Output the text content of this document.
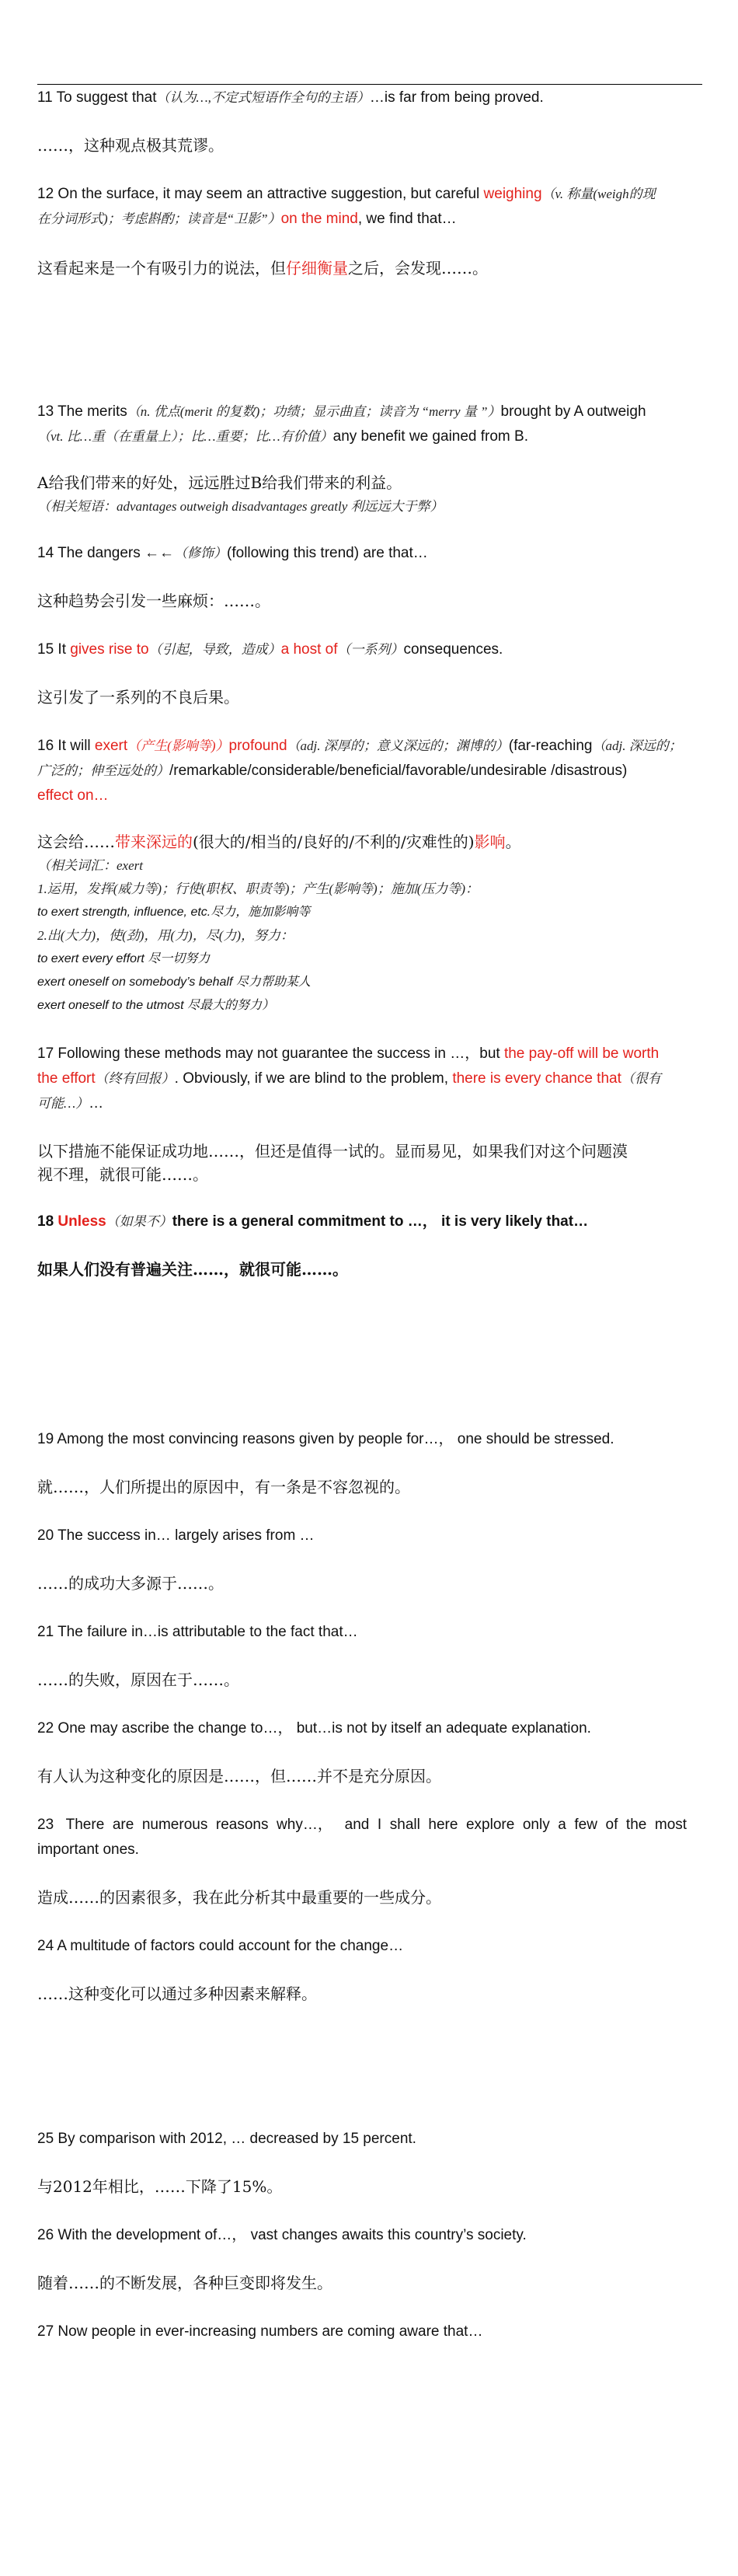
11 To suggest that（认为…,不定式短语作全句的主语）…is far from being proved.
……，这种观点极其荒谬。
12 On the surface, it may seem an attractive suggestion, but careful weighing（v. 称量(weigh的现
在分词形式)；考虑斟酌；读音是“卫影”）on the mind, we find that…
这看起来是一个有吸引力的说法，但仔细衡量之后，会发现……。
13 The merits（n. 优点(merit 的复数)；功绩；显示曲直；读音为 “merry 量 ”）brought by A outweigh
（vt. 比…重（在重量上）；比…重要；比…有价值）any benefit we gained from B.
A给我们带来的好处，远远胜过B给我们带来的利益。
（相关短语：advantages outweigh disadvantages greatly 利远远大于弊）
14 The dangers ←←（修饰）(following this trend) are that…
这种趋势会引发一些麻烦：……。
15 It gives rise to（引起，导致，造成）a host of（一系列）consequences.
这引发了一系列的不良后果。
16 It will exert（产生(影响等)）profound（adj. 深厚的；意义深远的；渊博的）(far-reaching（adj. 深远的；
广泛的；伸至远处的）/remarkable/considerable/beneficial/favorable/undesirable /disastrous)
effect on…
这会给……带来深远的(很大的/相当的/良好的/不利的/灾难性的)影响。
（相关词汇：exert
1.运用，发挥(威力等)；行使(职权、职责等)；产生(影响等)；施加(压力等)：
to exert strength, influence, etc.尽力，施加影响等
2.出(大力)，使(劲)，用(力)，尽(力)，努力：
to exert every effort 尽一切努力
exert oneself on somebody’s behalf 尽力帮助某人
exert oneself to the utmost 尽最大的努力）
17 Following these methods may not guarantee the success in …，but the pay-off will be worth
the effort（终有回报）. Obviously, if we are blind to the problem, there is every chance that（很有
可能…）…
以下措施不能保证成功地……，但还是值得一试的。显而易见，如果我们对这个问题漠
视不理，就很可能……。
18 Unless（如果不）there is a general commitment to …， it is very likely that…
如果人们没有普遍关注……，就很可能……。
19 Among the most convincing reasons given by people for…， one should be stressed.
就……，人们所提出的原因中，有一条是不容忽视的。
20 The success in… largely arises from …
……的成功大多源于……。
21 The failure in…is attributable to the fact that…
……的失败，原因在于……。
22 One may ascribe the change to…， but…is not by itself an adequate explanation.
有人认为这种变化的原因是……，但……并不是充分原因。
23   There  are  numerous  reasons  why…，   and  I  shall  here  explore  only  a  few  of  the  most
important ones.
造成……的因素很多，我在此分析其中最重要的一些成分。
24 A multitude of factors could account for the change…
……这种变化可以通过多种因素来解释。
25 By comparison with 2012, … decreased by 15 percent.
与2012年相比，……下降了15%。
26 With the development of…， vast changes awaits this country’s society.
随着……的不断发展，各种巨变即将发生。
27 Now people in ever-increasing numbers are coming aware that…
